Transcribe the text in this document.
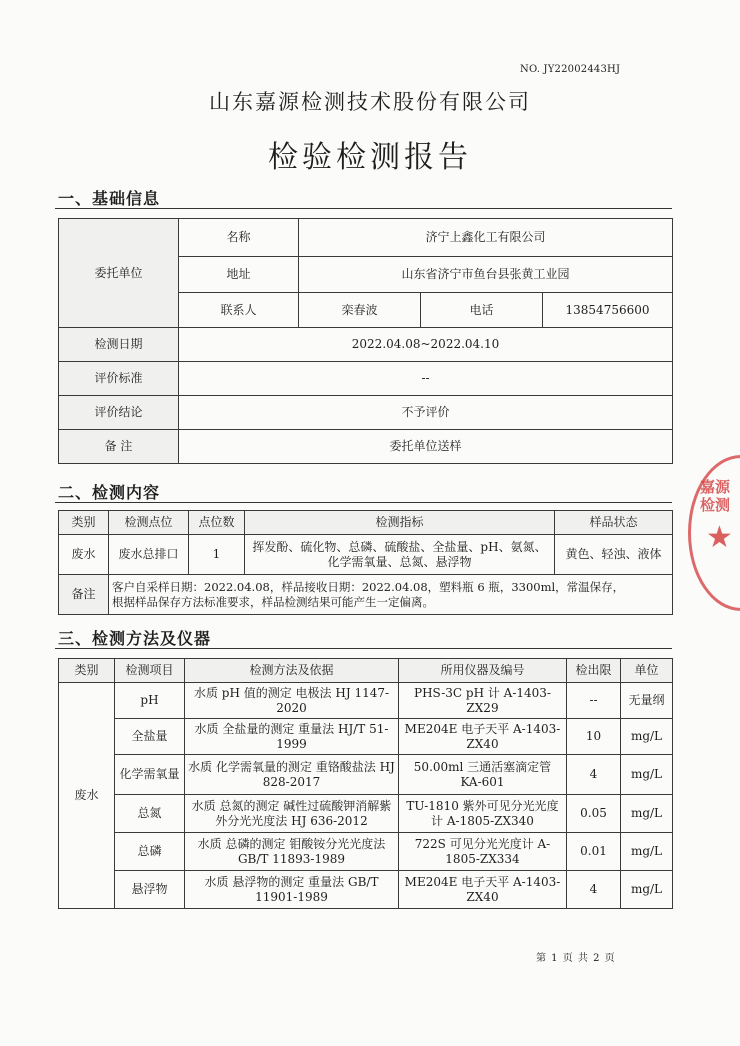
NO. JY22002443HJ
山东嘉源检测技术股份有限公司
检验检测报告
一、基础信息
委托单位	名称	济宁上鑫化工有限公司		
	地址	山东省济宁市鱼台县张黄工业园		
	联系人	栾春波	电话	13854756600
检测日期	2022.04.08~2022.04.10			
评价标准	--			
评价结论	不予评价			
备 注	委托单位送样			
二、检测内容
类别	检测点位	点位数	检测指标	样品状态
废水	废水总排口	1	挥发酚、硫化物、总磷、硫酸盐、全盐量、pH、氨氮、化学需氧量、总氮、悬浮物	黄色、轻浊、液体
备注	客户自采样日期：2022.04.08，样品接收日期：2022.04.08，塑料瓶 6 瓶，3300ml，常温保存，
根据样品保存方法标准要求，样品检测结果可能产生一定偏离。			
三、检测方法及仪器
类别	检测项目	检测方法及依据	所用仪器及编号	检出限	单位
废水	pH	水质 pH 值的测定 电极法 HJ 1147-2020	PHS-3C pH 计 A-1403-ZX29	--	无量纲
	全盐量	水质 全盐量的测定 重量法 HJ/T 51-1999	ME204E 电子天平 A-1403-ZX40	10	mg/L
	化学需氧量	水质 化学需氧量的测定 重铬酸盐法 HJ 828-2017	50.00ml 三通活塞滴定管 KA-601	4	mg/L
	总氮	水质 总氮的测定 碱性过硫酸钾消解紫外分光光度法 HJ 636-2012	TU-1810 紫外可见分光光度计 A-1805-ZX340	0.05	mg/L
	总磷	水质 总磷的测定 钼酸铵分光光度法 GB/T 11893-1989	722S 可见分光光度计 A-1805-ZX334	0.01	mg/L
	悬浮物	水质 悬浮物的测定 重量法 GB/T 11901-1989	ME204E 电子天平 A-1403-ZX40	4	mg/L
嘉源检测
★
第 1 页 共 2 页
